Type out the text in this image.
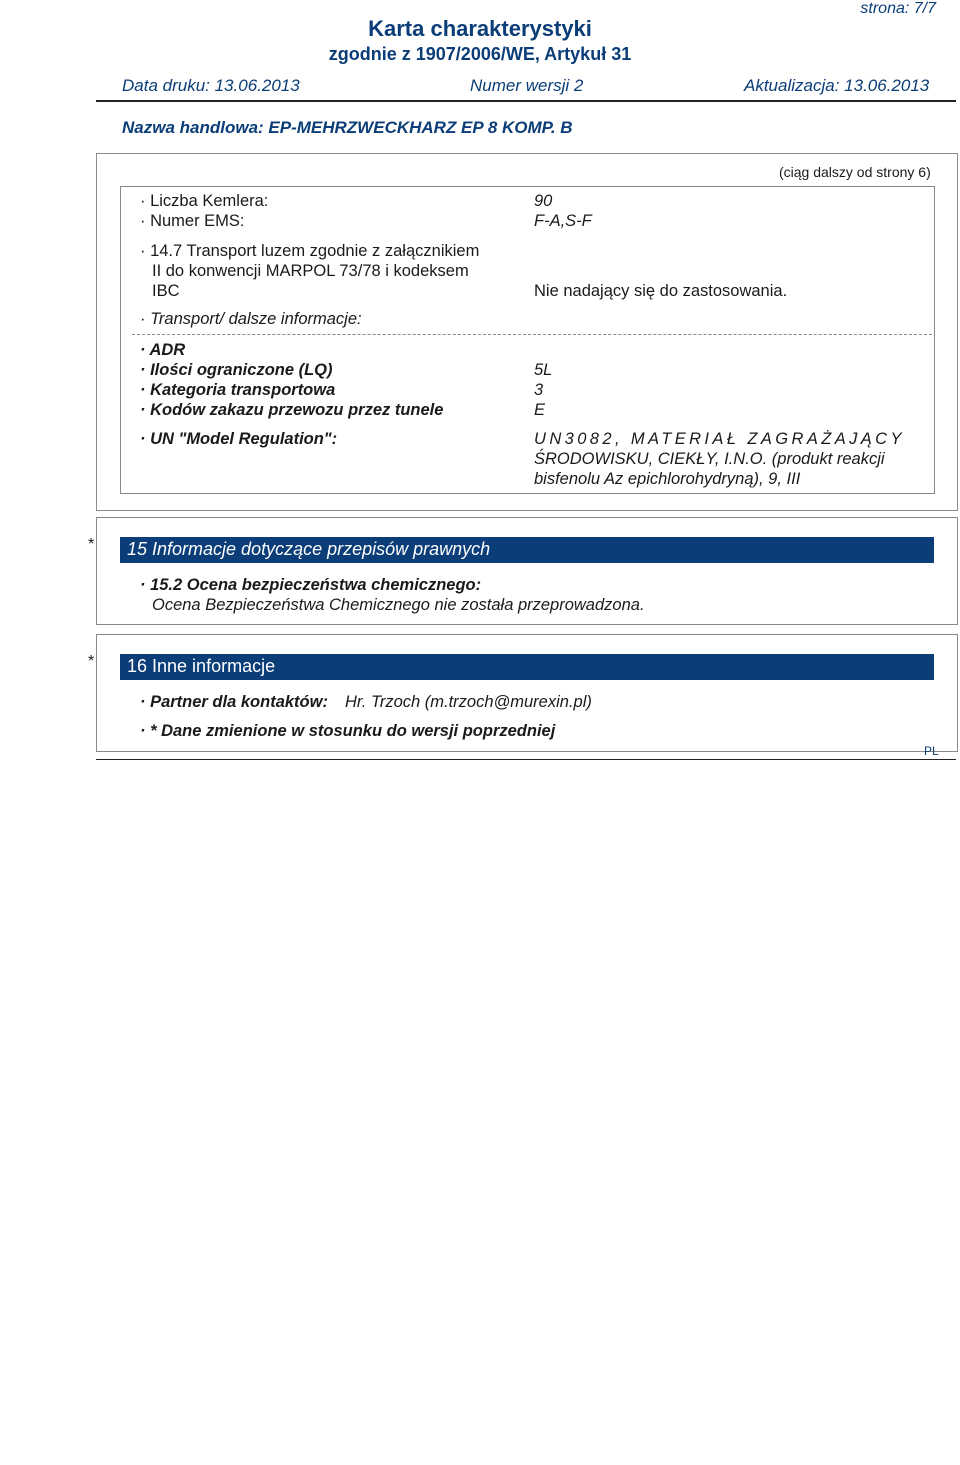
strona: 7/7
Karta charakterystyki
zgodnie z 1907/2006/WE, Artykuł 31
Data druku: 13.06.2013	Numer wersji 2	Aktualizacja: 13.06.2013
Nazwa handlowa: EP-MEHRZWECKHARZ EP 8 KOMP. B
(ciąg dalszy od strony 6)
· Liczba Kemlera:	90
· Numer EMS:	F-A,S-F
· 14.7 Transport luzem zgodnie z załącznikiem
II do konwencji MARPOL 73/78 i kodeksem
IBC	Nie nadający się do zastosowania.
· Transport/ dalsze informacje:
· ADR
· Ilości ograniczone (LQ)	5L
· Kategoria transportowa	3
· Kodów zakazu przewozu przez tunele	E
· UN "Model Regulation":	UN3082, MATERIAŁ ZAGRAŻAJĄCY
ŚRODOWISKU, CIEKŁY, I.N.O. (produkt reakcji
bisfenolu Az epichlorohydryną), 9, III
*	15 Informacje dotyczące przepisów prawnych
· 15.2 Ocena bezpieczeństwa chemicznego:
Ocena Bezpieczeństwa Chemicznego nie została przeprowadzona.
*	16 Inne informacje
· Partner dla kontaktów: Hr. Trzoch (m.trzoch@murexin.pl)
· * Dane zmienione w stosunku do wersji poprzedniej
PL
